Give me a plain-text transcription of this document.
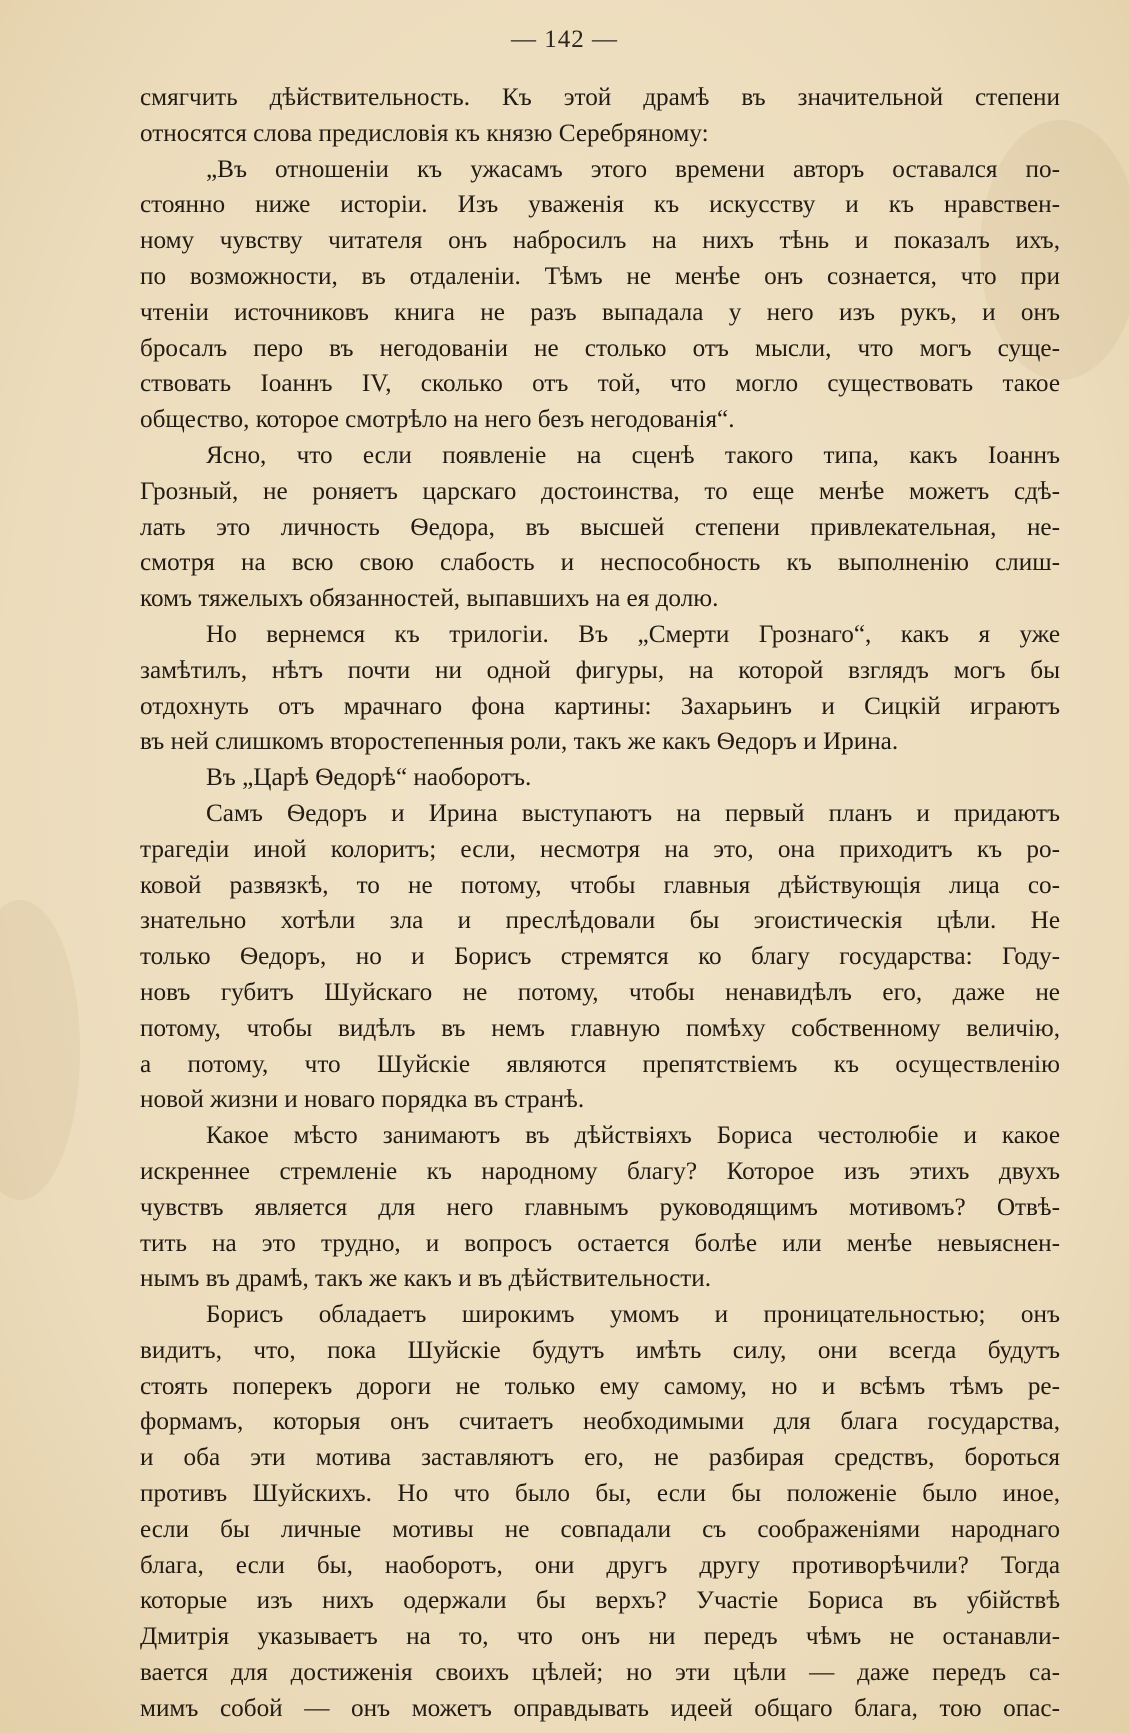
— 142 —

смягчить дѣйствительность. Къ этой драмѣ въ значительной степени
относятся слова предисловія къ князю Серебряному:

„Въ отношеніи къ ужасамъ этого времени авторъ оставался по-
стоянно ниже исторіи. Изъ уваженія къ искусству и къ нравствен-
ному чувству читателя онъ набросилъ на нихъ тѣнь и показалъ ихъ,
по возможности, въ отдаленіи. Тѣмъ не менѣе онъ сознается, что при
чтеніи источниковъ книга не разъ выпадала у него изъ рукъ, и онъ
бросалъ перо въ негодованіи не столько отъ мысли, что могъ суще-
ствовать Іоаннъ IV, сколько отъ той, что могло существовать такое
общество, которое смотрѣло на него безъ негодованія“.

Ясно, что если появленіе на сценѣ такого типа, какъ Іоаннъ
Грозный, не роняетъ царскаго достоинства, то еще менѣе можетъ сдѣ-
лать это личность Ѳедора, въ высшей степени привлекательная, не-
смотря на всю свою слабость и неспособность къ выполненію слиш-
комъ тяжелыхъ обязанностей, выпавшихъ на ея долю.

Но вернемся къ трилогіи. Въ „Смерти Грознаго“, какъ я уже
замѣтилъ, нѣтъ почти ни одной фигуры, на которой взглядъ могъ бы
отдохнуть отъ мрачнаго фона картины: Захарьинъ и Сицкій играютъ
въ ней слишкомъ второстепенныя роли, такъ же какъ Ѳедоръ и Ирина.

Въ „Царѣ Ѳедорѣ“ наоборотъ.

Самъ Ѳедоръ и Ирина выступаютъ на первый планъ и придаютъ
трагедіи иной колоритъ; если, несмотря на это, она приходитъ къ ро-
ковой развязкѣ, то не потому, чтобы главныя дѣйствующія лица со-
знательно хотѣли зла и преслѣдовали бы эгоистическія цѣли. Не
только Ѳедоръ, но и Борисъ стремятся ко благу государства: Году-
новъ губитъ Шуйскаго не потому, чтобы ненавидѣлъ его, даже не
потому, чтобы видѣлъ въ немъ главную помѣху собственному величію,
а потому, что Шуйскіе являются препятствіемъ къ осуществленію
новой жизни и новаго порядка въ странѣ.

Какое мѣсто занимаютъ въ дѣйствіяхъ Бориса честолюбіе и какое
искреннее стремленіе къ народному благу? Которое изъ этихъ двухъ
чувствъ является для него главнымъ руководящимъ мотивомъ? Отвѣ-
тить на это трудно, и вопросъ остается болѣе или менѣе невыяснен-
нымъ въ драмѣ, такъ же какъ и въ дѣйствительности.

Борисъ обладаетъ широкимъ умомъ и проницательностью; онъ
видитъ, что, пока Шуйскіе будутъ имѣть силу, они всегда будутъ
стоять поперекъ дороги не только ему самому, но и всѣмъ тѣмъ ре-
формамъ, которыя онъ считаетъ необходимыми для блага государства,
и оба эти мотива заставляютъ его, не разбирая средствъ, бороться
противъ Шуйскихъ. Но что было бы, если бы положеніе было иное,
если бы личные мотивы не совпадали съ соображеніями народнаго
блага, если бы, наоборотъ, они другъ другу противорѣчили? Тогда
которые изъ нихъ одержали бы верхъ? Участіе Бориса въ убійствѣ
Дмитрія указываетъ на то, что онъ ни передъ чѣмъ не останавли-
вается для достиженія своихъ цѣлей; но эти цѣли — даже передъ са-
мимъ собой — онъ можетъ оправдывать идеей общаго блага, тою опас-
